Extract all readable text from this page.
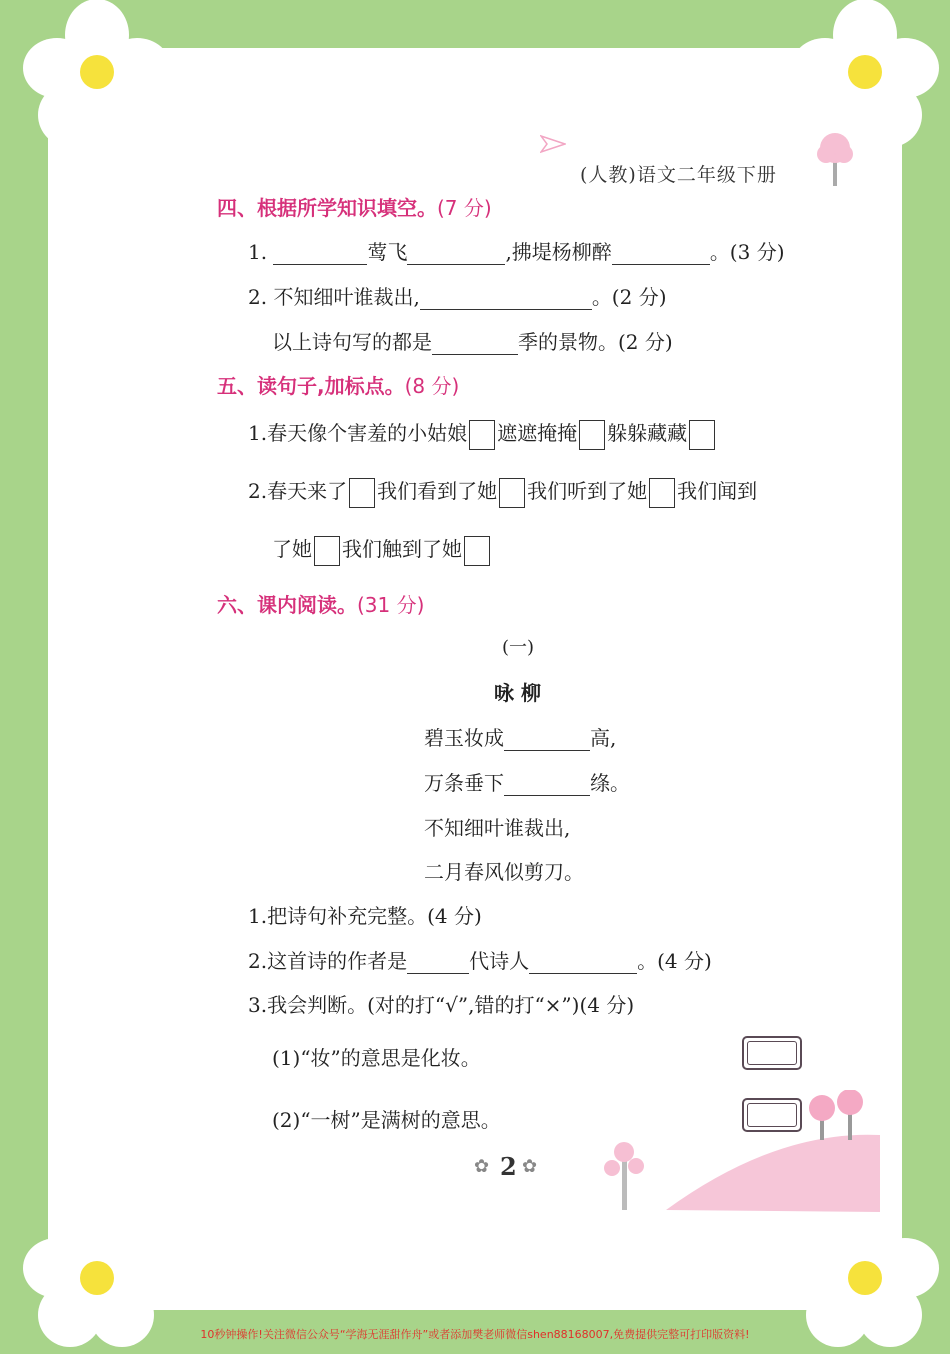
(人教)语文二年级下册
四、根据所学知识填空。(7 分)
1.	莺飞	,拂堤杨柳醉	。(3 分)
2. 不知细叶谁裁出,	。(2 分)
以上诗句写的都是	季的景物。(2 分)
五、读句子,加标点。(8 分)
1.春天像个害羞的小姑娘 遮遮掩掩 躲躲藏藏
2.春天来了 我们看到了她 我们听到了她 我们闻到
了她 我们触到了她
六、课内阅读。(31 分)
(一)
咏 柳
碧玉妆成	高,
万条垂下	绦。
不知细叶谁裁出,
二月春风似剪刀。
1.把诗句补充完整。(4 分)
2.这首诗的作者是	代诗人	。(4 分)
3.我会判断。(对的打“√”,错的打“×”)(4 分)
(1)“妆”的意思是化妆。
(2)“一树”是满树的意思。
✿ 2 ✿
10秒钟操作!关注微信公众号“学海无涯甜作舟”或者添加樊老师微信shen88168007,免费提供完整可打印版资料!
